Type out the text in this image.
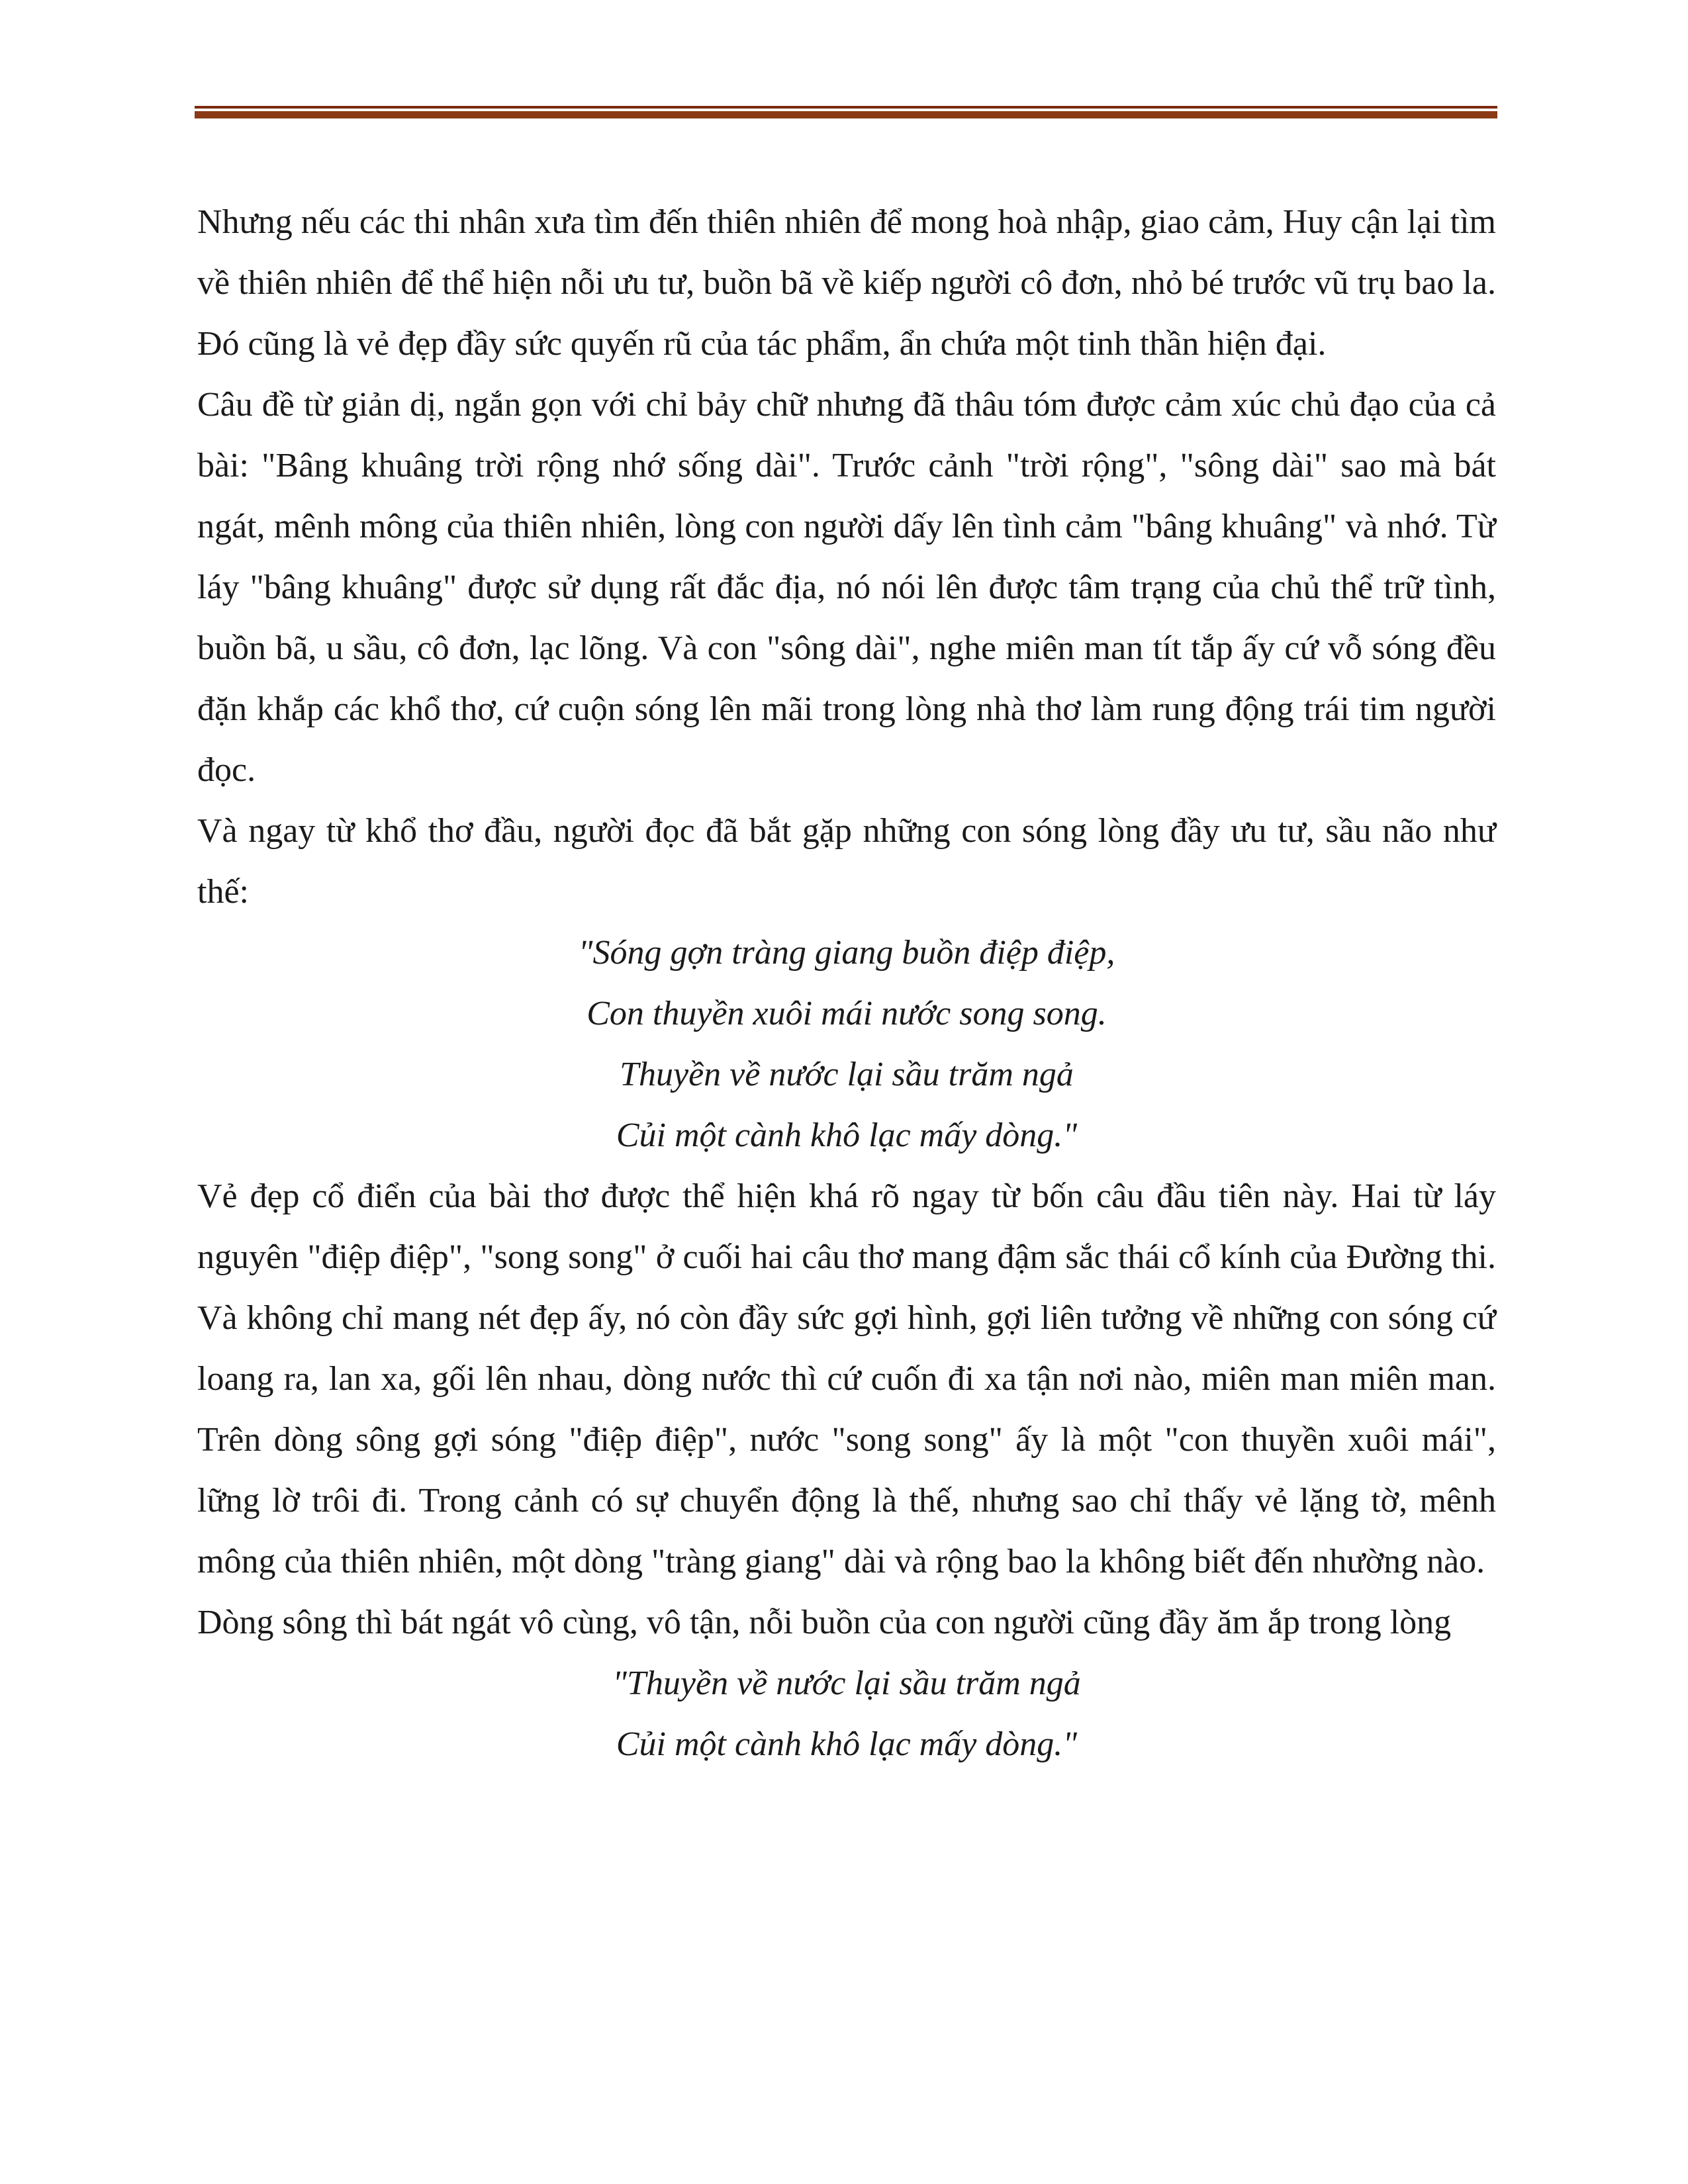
Nhưng nếu các thi nhân xưa tìm đến thiên nhiên để mong hoà nhập, giao cảm, Huy cận lại tìm về thiên nhiên để thể hiện nỗi ưu tư, buồn bã về kiếp người cô đơn, nhỏ bé trước vũ trụ bao la. Đó cũng là vẻ đẹp đầy sức quyến rũ của tác phẩm, ẩn chứa một tinh thần hiện đại.

Câu đề từ giản dị, ngắn gọn với chỉ bảy chữ nhưng đã thâu tóm được cảm xúc chủ đạo của cả bài: "Bâng khuâng trời rộng nhớ sống dài". Trước cảnh "trời rộng", "sông dài" sao mà bát ngát, mênh mông của thiên nhiên, lòng con người dấy lên tình cảm "bâng khuâng" và nhớ. Từ láy "bâng khuâng" được sử dụng rất đắc địa, nó nói lên được tâm trạng của chủ thể trữ tình, buồn bã, u sầu, cô đơn, lạc lõng. Và con "sông dài", nghe miên man tít tắp ấy cứ vỗ sóng đều đặn khắp các khổ thơ, cứ cuộn sóng lên mãi trong lòng nhà thơ làm rung động trái tim người đọc.

Và ngay từ khổ thơ đầu, người đọc đã bắt gặp những con sóng lòng đầy ưu tư, sầu não như thế:

"Sóng gợn tràng giang buồn điệp điệp,
Con thuyền xuôi mái nước song song.
Thuyền về nước lại sầu trăm ngả
Củi một cành khô lạc mấy dòng."

Vẻ đẹp cổ điển của bài thơ được thể hiện khá rõ ngay từ bốn câu đầu tiên này. Hai từ láy nguyên "điệp điệp", "song song" ở cuối hai câu thơ mang đậm sắc thái cổ kính của Đường thi. Và không chỉ mang nét đẹp ấy, nó còn đầy sức gợi hình, gợi liên tưởng về những con sóng cứ loang ra, lan xa, gối lên nhau, dòng nước thì cứ cuốn đi xa tận nơi nào, miên man miên man. Trên dòng sông gợi sóng "điệp điệp", nước "song song" ấy là một "con thuyền xuôi mái", lững lờ trôi đi. Trong cảnh có sự chuyển động là thế, nhưng sao chỉ thấy vẻ lặng tờ, mênh mông của thiên nhiên, một dòng "tràng giang" dài và rộng bao la không biết đến nhường nào.

Dòng sông thì bát ngát vô cùng, vô tận, nỗi buồn của con người cũng đầy ăm ắp trong lòng

"Thuyền về nước lại sầu trăm ngả
Củi một cành khô lạc mấy dòng."
